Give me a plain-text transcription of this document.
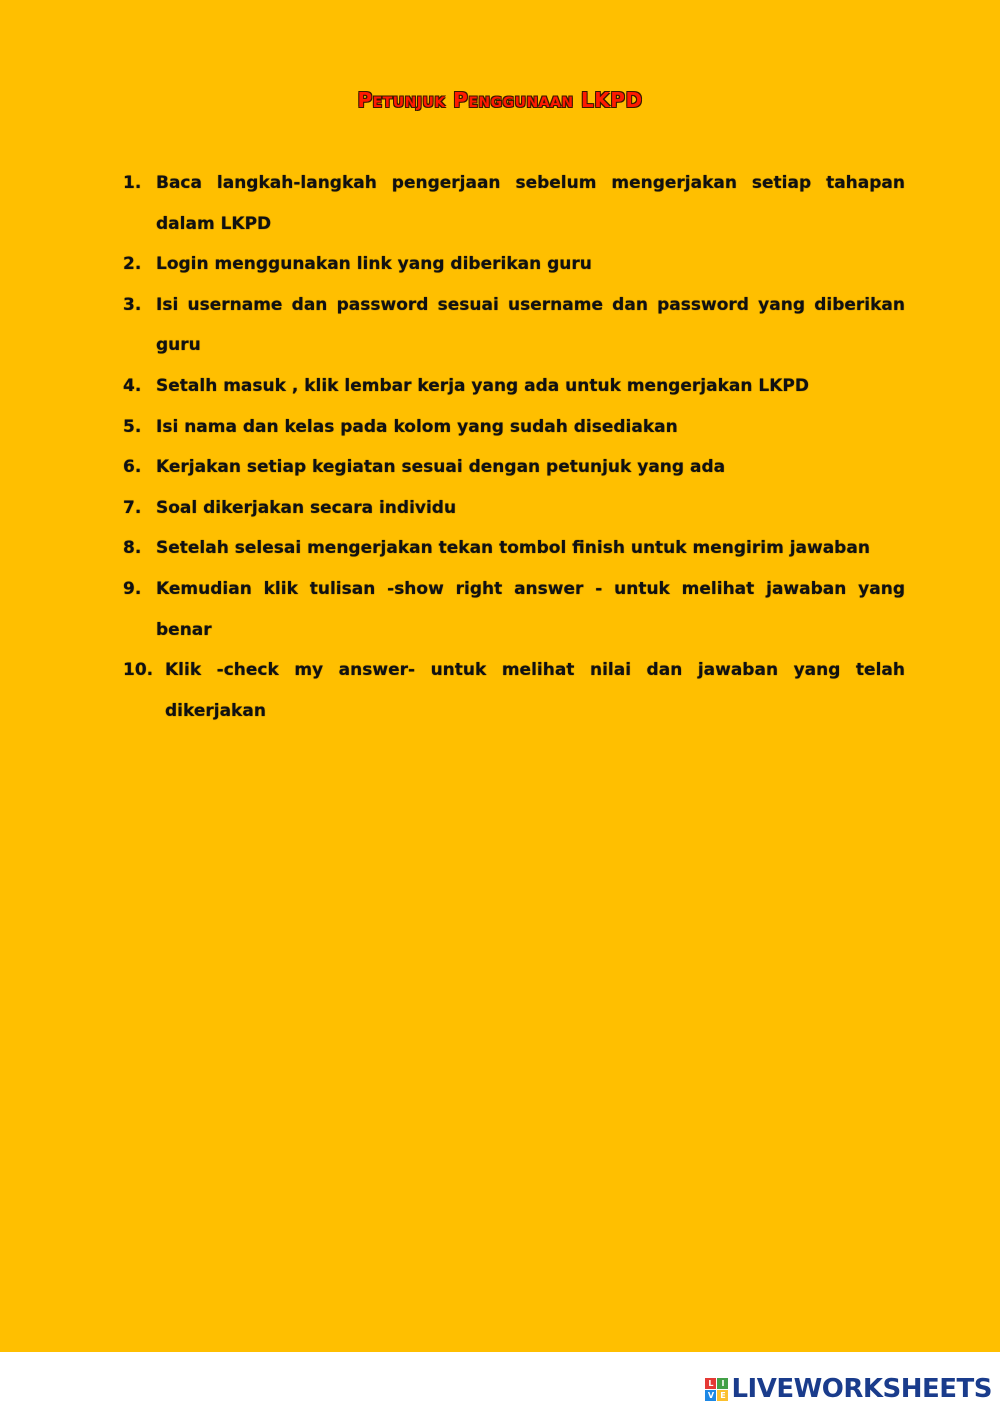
Petunjuk Penggunaan LKPD
1. Baca langkah-langkah pengerjaan sebelum mengerjakan setiap tahapan dalam LKPD
2. Login menggunakan link yang diberikan guru
3. Isi username dan password sesuai username dan password yang diberikan guru
4. Setalh masuk , klik lembar kerja yang ada untuk mengerjakan LKPD
5. Isi nama dan kelas pada kolom yang sudah disediakan
6. Kerjakan setiap kegiatan sesuai dengan petunjuk yang ada
7. Soal dikerjakan secara individu
8. Setelah selesai mengerjakan tekan tombol finish untuk mengirim jawaban
9. Kemudian klik tulisan -show right answer - untuk melihat jawaban yang benar
10. Klik -check my answer- untuk melihat nilai dan jawaban yang telah dikerjakan
L I
V E LIVEWORKSHEETS
